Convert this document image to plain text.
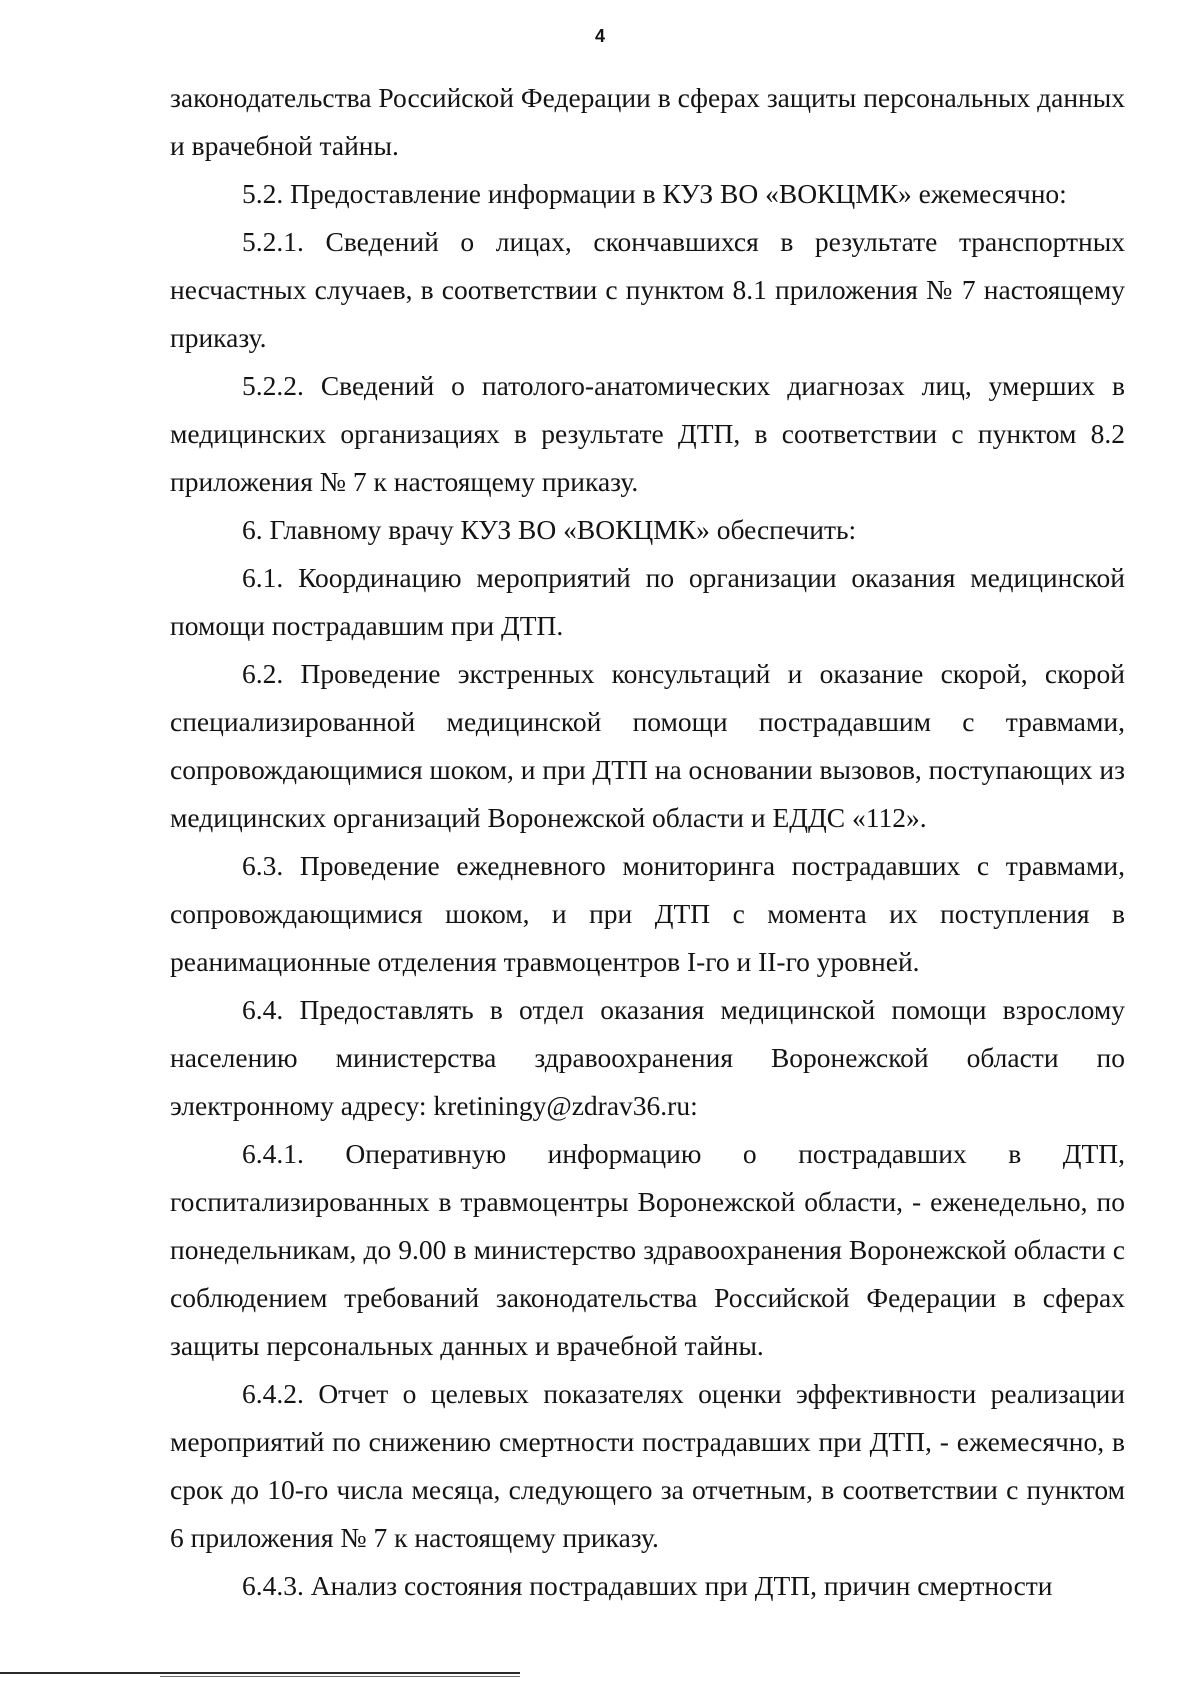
4

законодательства Российской Федерации в сферах защиты персональных данных и врачебной тайны.

5.2. Предоставление информации в КУЗ ВО «ВОКЦМК» ежемесячно:

5.2.1. Сведений о лицах, скончавшихся в результате транспортных несчастных случаев, в соответствии с пунктом 8.1 приложения № 7 настоящему приказу.

5.2.2. Сведений о патолого-анатомических диагнозах лиц, умерших в медицинских организациях в результате ДТП, в соответствии с пунктом 8.2 приложения № 7 к настоящему приказу.

6. Главному врачу КУЗ ВО «ВОКЦМК» обеспечить:

6.1. Координацию мероприятий по организации оказания медицинской помощи пострадавшим при ДТП.

6.2. Проведение экстренных консультаций и оказание скорой, скорой специализированной медицинской помощи пострадавшим с травмами, сопровождающимися шоком, и при ДТП на основании вызовов, поступающих из медицинских организаций Воронежской области и ЕДДС «112».

6.3. Проведение ежедневного мониторинга пострадавших с травмами, сопровождающимися шоком, и при ДТП с момента их поступления в реанимационные отделения травмоцентров I-го и II-го уровней.

6.4. Предоставлять в отдел оказания медицинской помощи взрослому населению министерства здравоохранения Воронежской области по электронному адресу: kretiningy@zdrav36.ru:

6.4.1. Оперативную информацию о пострадавших в ДТП, госпитализированных в травмоцентры Воронежской области, - еженедельно, по понедельникам, до 9.00 в министерство здравоохранения Воронежской области с соблюдением требований законодательства Российской Федерации в сферах защиты персональных данных и врачебной тайны.

6.4.2. Отчет о целевых показателях оценки эффективности реализации мероприятий по снижению смертности пострадавших при ДТП, - ежемесячно, в срок до 10-го числа месяца, следующего за отчетным, в соответствии с пунктом 6 приложения № 7 к настоящему приказу.

6.4.3. Анализ состояния пострадавших при ДТП, причин смертности
